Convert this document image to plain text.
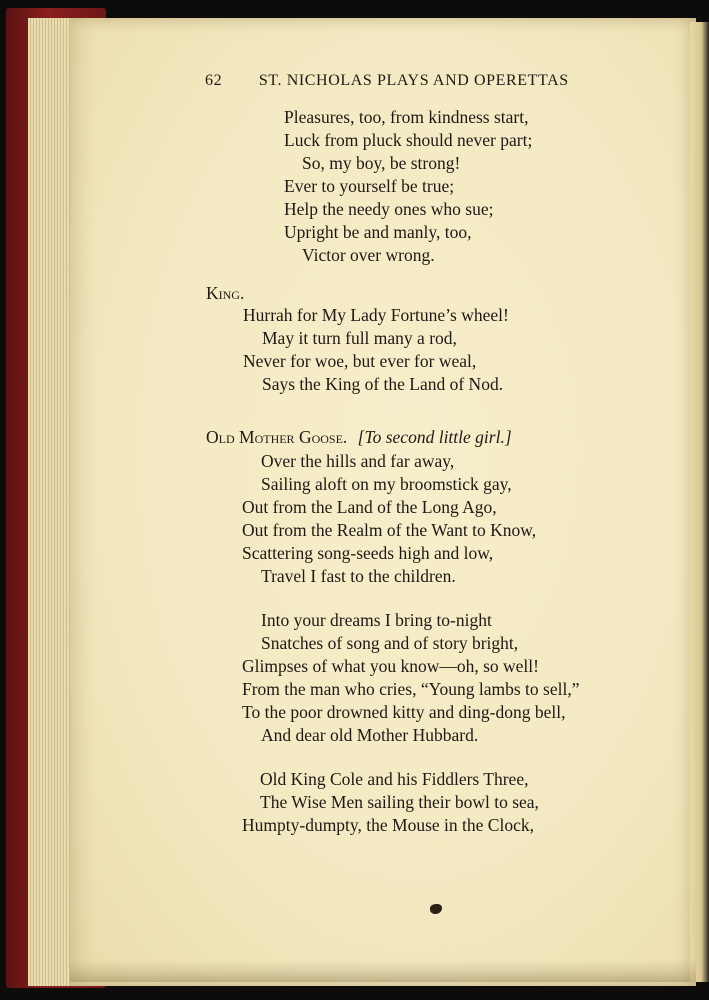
62 ST. NICHOLAS PLAYS AND OPERETTAS
Pleasures, too, from kindness start,
Luck from pluck should never part;
So, my boy, be strong!
Ever to yourself be true;
Help the needy ones who sue;
Upright be and manly, too,
Victor over wrong.
King.
Hurrah for My Lady Fortune’s wheel!
May it turn full many a rod,
Never for woe, but ever for weal,
Says the King of the Land of Nod.
Old Mother Goose. [To second little girl.]
Over the hills and far away,
Sailing aloft on my broomstick gay,
Out from the Land of the Long Ago,
Out from the Realm of the Want to Know,
Scattering song-seeds high and low,
Travel I fast to the children.
Into your dreams I bring to-night
Snatches of song and of story bright,
Glimpses of what you know—oh, so well!
From the man who cries, “Young lambs to sell,”
To the poor drowned kitty and ding-dong bell,
And dear old Mother Hubbard.
Old King Cole and his Fiddlers Three,
The Wise Men sailing their bowl to sea,
Humpty-dumpty, the Mouse in the Clock,
